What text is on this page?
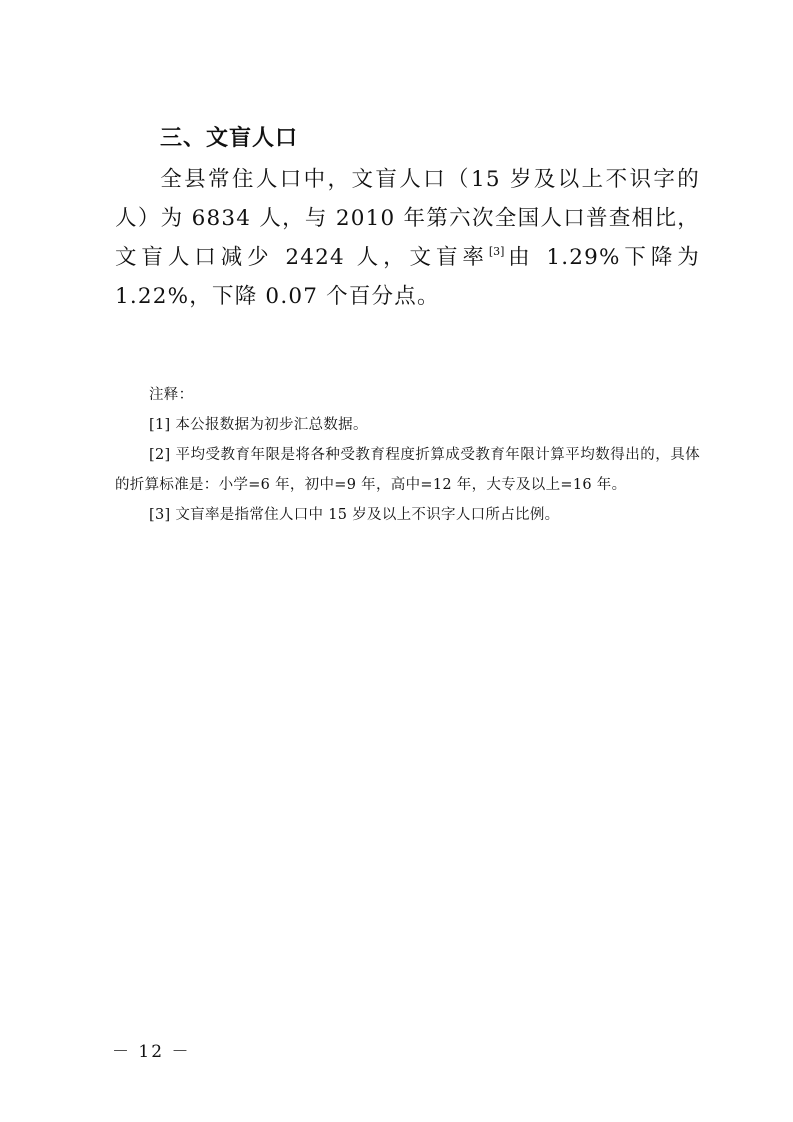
三、文盲人口
全县常住人口中，文盲人口（15 岁及以上不识字的人）为 6834 人，与 2010 年第六次全国人口普查相比，文盲人口减少 2424 人，文盲率[3]由 1.29%下降为 1.22%，下降 0.07 个百分点。
注释：
[1] 本公报数据为初步汇总数据。
[2] 平均受教育年限是将各种受教育程度折算成受教育年限计算平均数得出的，具体的折算标准是：小学=6 年，初中=9 年，高中=12 年，大专及以上=16 年。
[3] 文盲率是指常住人口中 15 岁及以上不识字人口所占比例。
－ 12 －
